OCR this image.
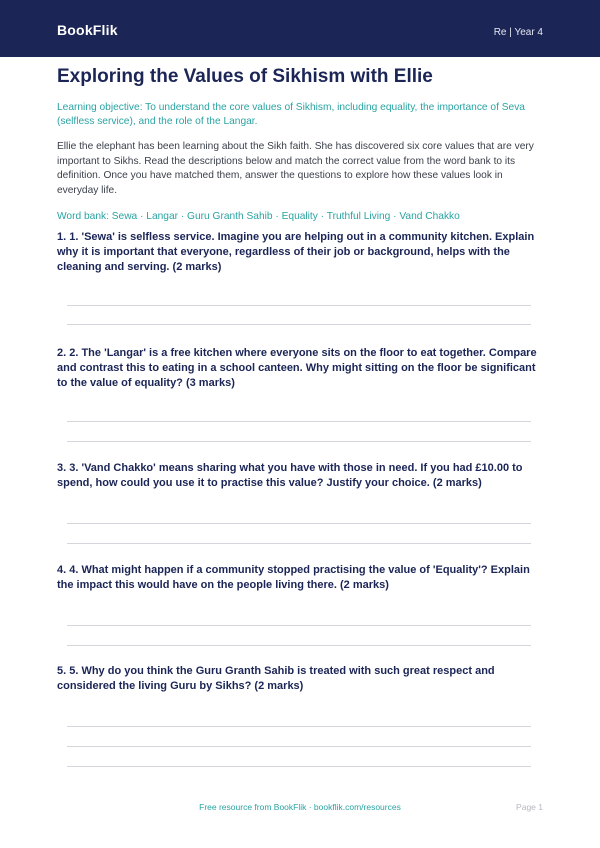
BookFlik	Re | Year 4
Exploring the Values of Sikhism with Ellie

Learning objective: To understand the core values of Sikhism, including equality, the importance of Seva (selfless service), and the role of the Langar.

Ellie the elephant has been learning about the Sikh faith. She has discovered six core values that are very important to Sikhs. Read the descriptions below and match the correct value from the word bank to its definition. Once you have matched them, answer the questions to explore how these values look in everyday life.

Word bank: Sewa · Langar · Guru Granth Sahib · Equality · Truthful Living · Vand Chakko

1. 1. 'Sewa' is selfless service. Imagine you are helping out in a community kitchen. Explain why it is important that everyone, regardless of their job or background, helps with the cleaning and serving. (2 marks)
2. 2. The 'Langar' is a free kitchen where everyone sits on the floor to eat together. Compare and contrast this to eating in a school canteen. Why might sitting on the floor be significant to the value of equality? (3 marks)
3. 3. 'Vand Chakko' means sharing what you have with those in need. If you had £10.00 to spend, how could you use it to practise this value? Justify your choice. (2 marks)
4. 4. What might happen if a community stopped practising the value of 'Equality'? Explain the impact this would have on the people living there. (2 marks)
5. 5. Why do you think the Guru Granth Sahib is treated with such great respect and considered the living Guru by Sikhs? (2 marks)
Free resource from BookFlik · bookflik.com/resources	Page 1
